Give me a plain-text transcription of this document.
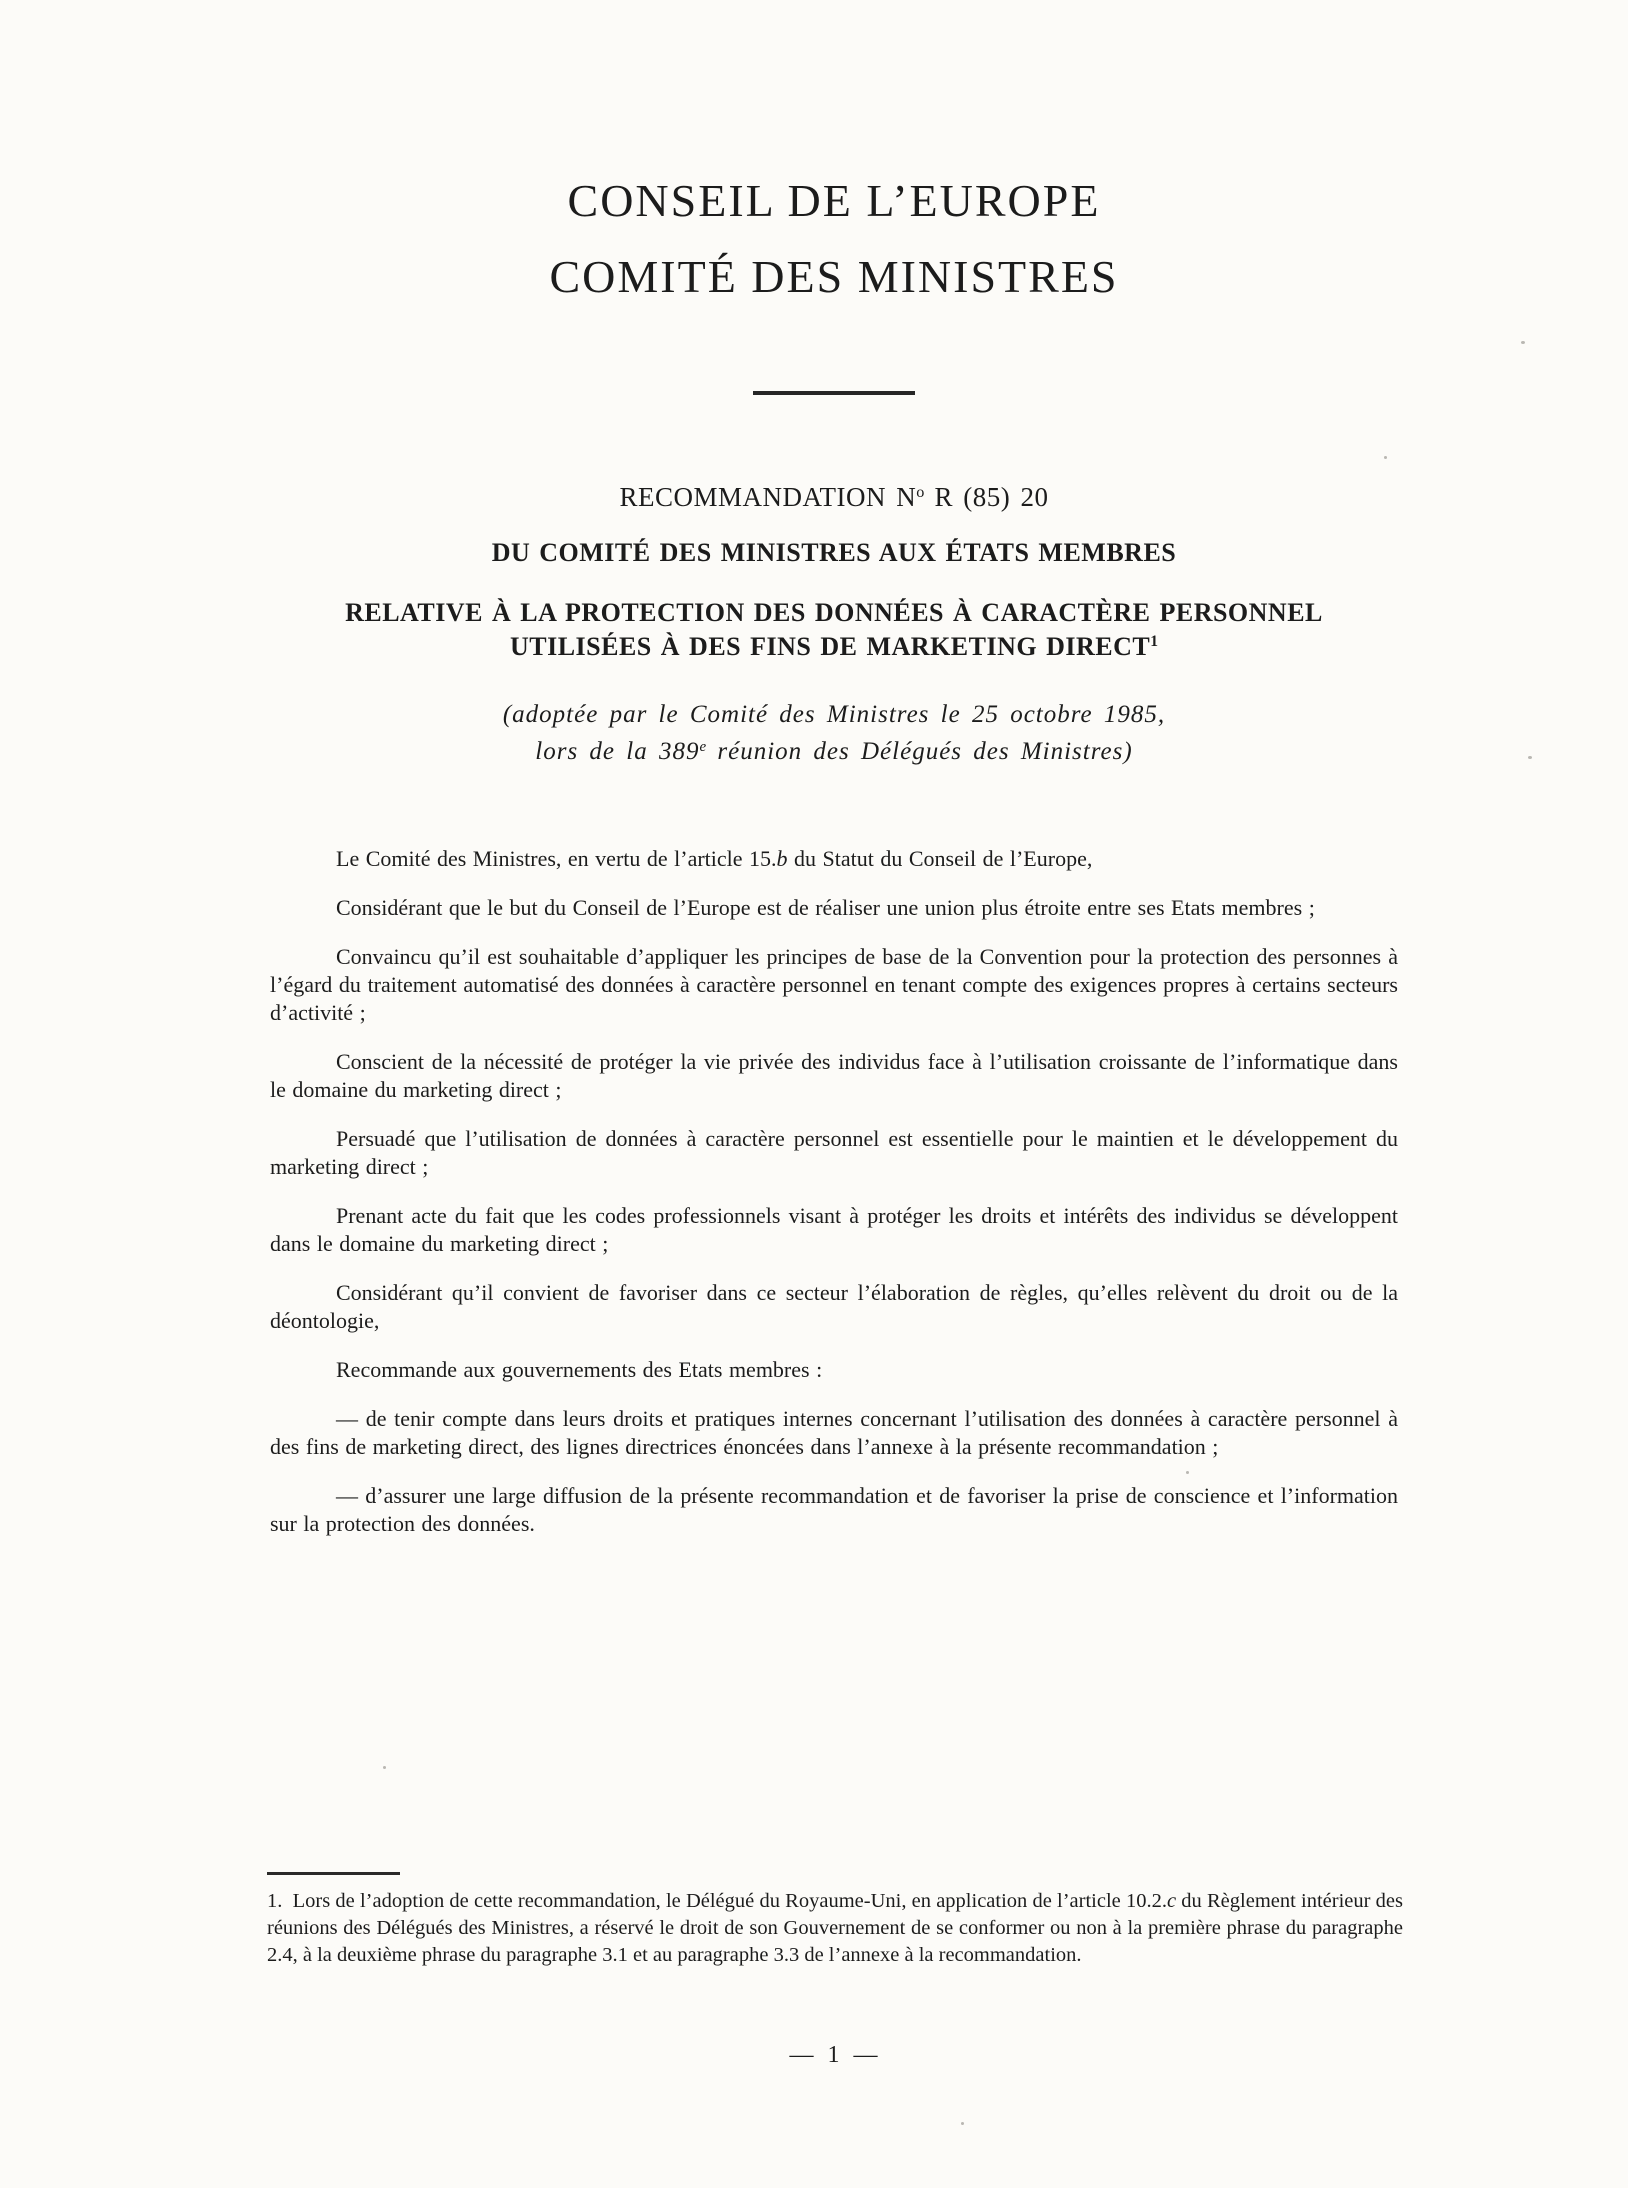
CONSEIL DE L’EUROPE
COMITÉ DES MINISTRES
RECOMMANDATION $N^o$ R (85) 20
DU COMITÉ DES MINISTRES AUX ÉTATS MEMBRES
RELATIVE À LA PROTECTION DES DONNÉES À CARACTÈRE PERSONNEL
UTILISÉES À DES FINS DE MARKETING DIRECT$^1$
(adoptée par le Comité des Ministres le 25 octobre 1985,
lors de la 389e réunion des Délégués des Ministres)

Le Comité des Ministres, en vertu de l’article 15.b du Statut du Conseil de l’Europe,

Considérant que le but du Conseil de l’Europe est de réaliser une union plus étroite entre ses Etats membres ;

Convaincu qu’il est souhaitable d’appliquer les principes de base de la Convention pour la protection des personnes à l’égard du traitement automatisé des données à caractère personnel en tenant compte des exigences propres à certains secteurs d’activité ;

Conscient de la nécessité de protéger la vie privée des individus face à l’utilisation croissante de l’informatique dans le domaine du marketing direct ;

Persuadé que l’utilisation de données à caractère personnel est essentielle pour le maintien et le développement du marketing direct ;

Prenant acte du fait que les codes professionnels visant à protéger les droits et intérêts des individus se développent dans le domaine du marketing direct ;

Considérant qu’il convient de favoriser dans ce secteur l’élaboration de règles, qu’elles relèvent du droit ou de la déontologie,

Recommande aux gouvernements des Etats membres :

— de tenir compte dans leurs droits et pratiques internes concernant l’utilisation des données à caractère personnel à des fins de marketing direct, des lignes directrices énoncées dans l’annexe à la présente recommandation ;

— d’assurer une large diffusion de la présente recommandation et de favoriser la prise de conscience et l’information sur la protection des données.

1. Lors de l’adoption de cette recommandation, le Délégué du Royaume-Uni, en application de l’article 10.2.c du Règlement intérieur des réunions des Délégués des Ministres, a réservé le droit de son Gouvernement de se conformer ou non à la première phrase du paragraphe 2.4, à la deuxième phrase du paragraphe 3.1 et au paragraphe 3.3 de l’annexe à la recommandation.
— 1 —
